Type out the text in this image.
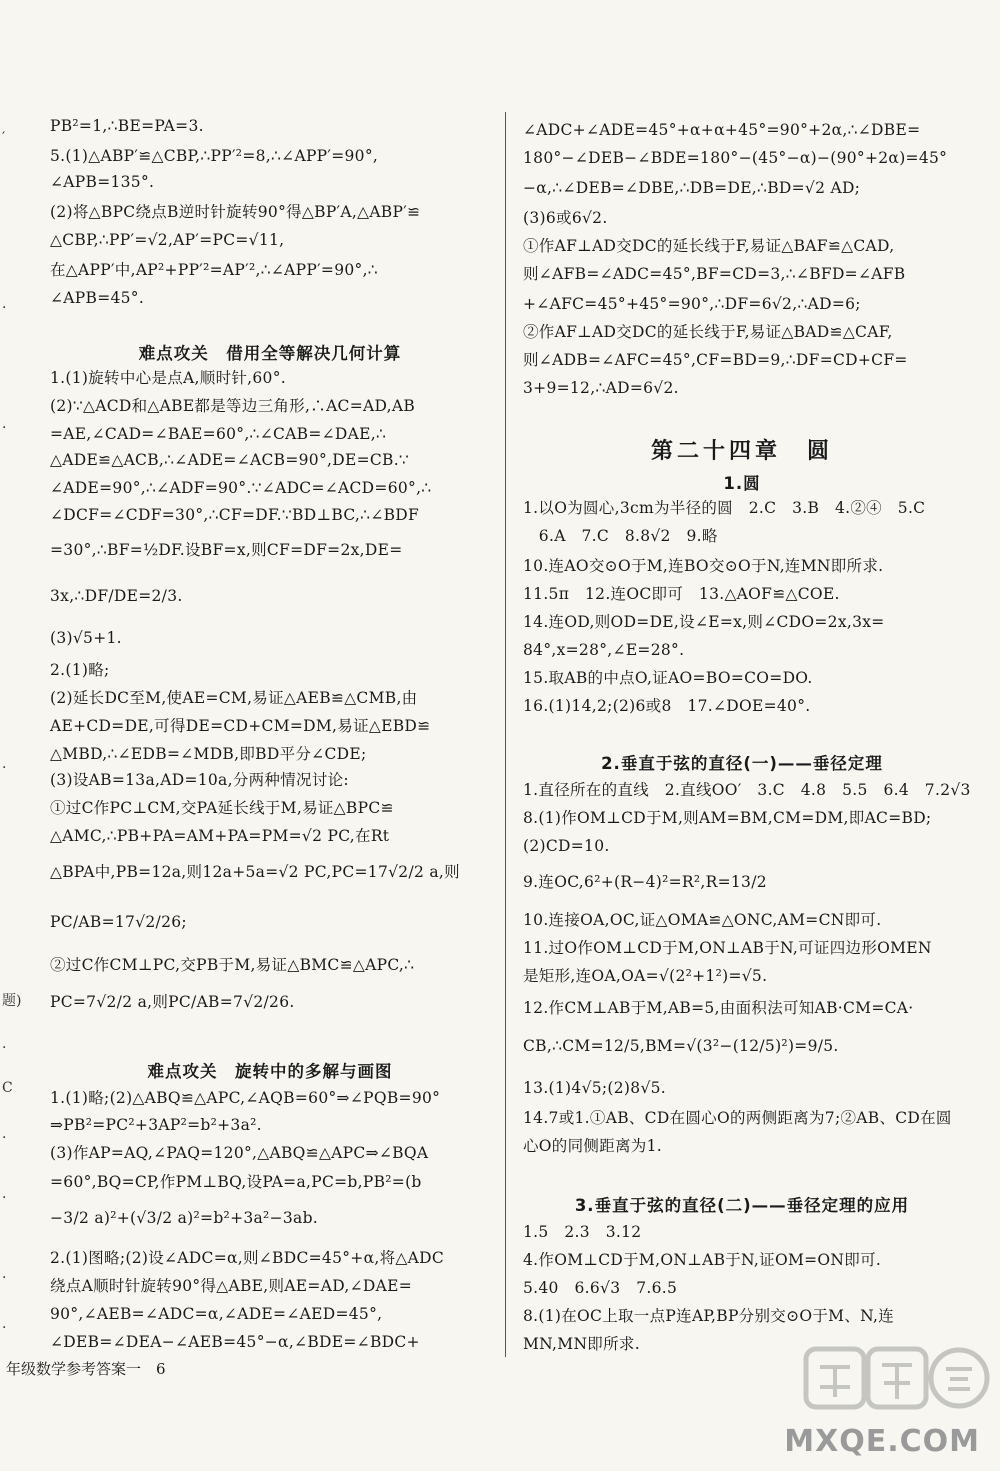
PB²=1,∴BE=PA=3.
5.(1)△ABP′≌△CBP,∴PP′²=8,∴∠APP′=90°,
∠APB=135°.
(2)将△BPC绕点B逆时针旋转90°得△BP′A,△ABP′≌
△CBP,∴PP′=√2,AP′=PC=√11,
在△APP′中,AP²+PP′²=AP′²,∴∠APP′=90°,∴
∠APB=45°.
难点攻关　借用全等解决几何计算
1.(1)旋转中心是点A,顺时针,60°.
(2)∵△ACD和△ABE都是等边三角形,∴AC=AD,AB
=AE,∠CAD=∠BAE=60°,∴∠CAB=∠DAE,∴
△ADE≌△ACB,∴∠ADE=∠ACB=90°,DE=CB.∵
∠ADE=90°,∴∠ADF=90°.∵∠ADC=∠ACD=60°,∴
∠DCF=∠CDF=30°,∴CF=DF.∵BD⊥BC,∴∠BDF
=30°,∴BF=½DF.设BF=x,则CF=DF=2x,DE=
3x,∴DF/DE=2/3.
(3)√5+1.
2.(1)略;
(2)延长DC至M,使AE=CM,易证△AEB≌△CMB,由
AE+CD=DE,可得DE=CD+CM=DM,易证△EBD≌
△MBD,∴∠EDB=∠MDB,即BD平分∠CDE;
(3)设AB=13a,AD=10a,分两种情况讨论:
①过C作PC⊥CM,交PA延长线于M,易证△BPC≌
△AMC,∴PB+PA=AM+PA=PM=√2 PC,在Rt
△BPA中,PB=12a,则12a+5a=√2 PC,PC=17√2/2 a,则
PC/AB=17√2/26;
②过C作CM⊥PC,交PB于M,易证△BMC≌△APC,∴
PC=7√2/2 a,则PC/AB=7√2/26.
难点攻关　旋转中的多解与画图
1.(1)略;(2)△ABQ≌△APC,∠AQB=60°⇒∠PQB=90°
⇒PB²=PC²+3AP²=b²+3a².
(3)作AP=AQ,∠PAQ=120°,△ABQ≌△APC⇒∠BQA
=60°,BQ=CP,作PM⊥BQ,设PA=a,PC=b,PB²=(b
−3/2 a)²+(√3/2 a)²=b²+3a²−3ab.
2.(1)图略;(2)设∠ADC=α,则∠BDC=45°+α,将△ADC
绕点A顺时针旋转90°得△ABE,则AE=AD,∠DAE=
90°,∠AEB=∠ADC=α,∠ADE=∠AED=45°,
∠DEB=∠DEA−∠AEB=45°−α,∠BDE=∠BDC+
年级数学参考答案一　6
′
·
·
·
题)
·
C
·
·
·
·
∠ADC+∠ADE=45°+α+α+45°=90°+2α,∴∠DBE=
180°−∠DEB−∠BDE=180°−(45°−α)−(90°+2α)=45°
−α,∴∠DEB=∠DBE,∴DB=DE,∴BD=√2 AD;
(3)6或6√2.
①作AF⊥AD交DC的延长线于F,易证△BAF≌△CAD,
则∠AFB=∠ADC=45°,BF=CD=3,∴∠BFD=∠AFB
+∠AFC=45°+45°=90°,∴DF=6√2,∴AD=6;
②作AF⊥AD交DC的延长线于F,易证△BAD≌△CAF,
则∠ADB=∠AFC=45°,CF=BD=9,∴DF=CD+CF=
3+9=12,∴AD=6√2.
第二十四章　圆
1.圆
1.以O为圆心,3cm为半径的圆　2.C　3.B　4.②④　5.C
　6.A　7.C　8.8√2　9.略
10.连AO交⊙O于M,连BO交⊙O于N,连MN即所求.
11.5π　12.连OC即可　13.△AOF≌△COE.
14.连OD,则OD=DE,设∠E=x,则∠CDO=2x,3x=
84°,x=28°,∠E=28°.
15.取AB的中点O,证AO=BO=CO=DO.
16.(1)14,2;(2)6或8　17.∠DOE=40°.
2.垂直于弦的直径(一)——垂径定理
1.直径所在的直线　2.直线OO′　3.C　4.8　5.5　6.4　7.2√3
8.(1)作OM⊥CD于M,则AM=BM,CM=DM,即AC=BD;
(2)CD=10.
9.连OC,6²+(R−4)²=R²,R=13/2
10.连接OA,OC,证△OMA≌△ONC,AM=CN即可.
11.过O作OM⊥CD于M,ON⊥AB于N,可证四边形OMEN
是矩形,连OA,OA=√(2²+1²)=√5.
12.作CM⊥AB于M,AB=5,由面积法可知AB·CM=CA·
CB,∴CM=12/5,BM=√(3²−(12/5)²)=9/5.
13.(1)4√5;(2)8√5.
14.7或1.①AB、CD在圆心O的两侧距离为7;②AB、CD在圆
心O的同侧距离为1.
3.垂直于弦的直径(二)——垂径定理的应用
1.5　2.3　3.12
4.作OM⊥CD于M,ON⊥AB于N,证OM=ON即可.
5.40　6.6√3　7.6.5
8.(1)在OC上取一点P连AP,BP分别交⊙O于M、N,连
MN,MN即所求.
MXQE.COM
